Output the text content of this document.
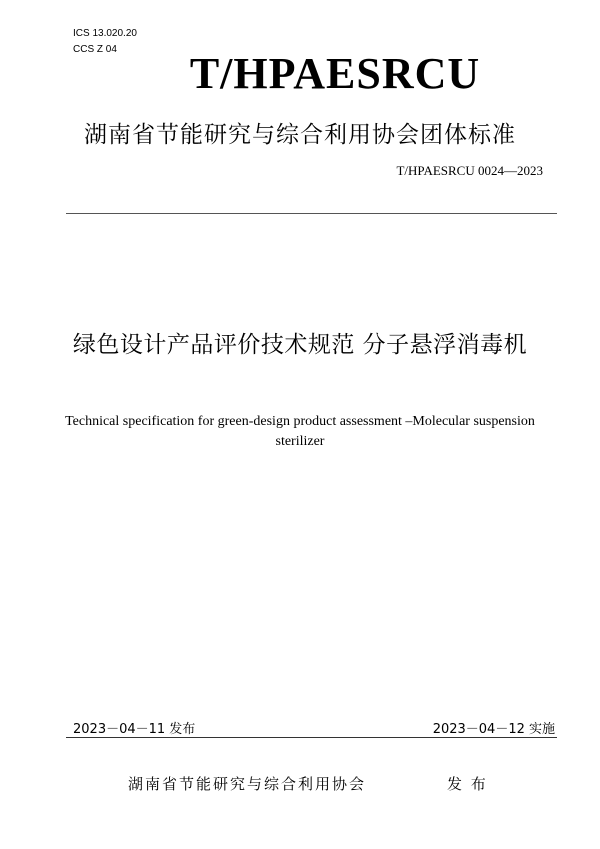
ICS 13.020.20
CCS Z 04	T/HPAESRCU
湖南省节能研究与综合利用协会团体标准
T/HPAESRCU 0024—2023
绿色设计产品评价技术规范 分子悬浮消毒机
Technical specification for green-design product assessment –Molecular suspension sterilizer
2023－04－11 发布	2023－04－12 实施
湖南省节能研究与综合利用协会	发 布
